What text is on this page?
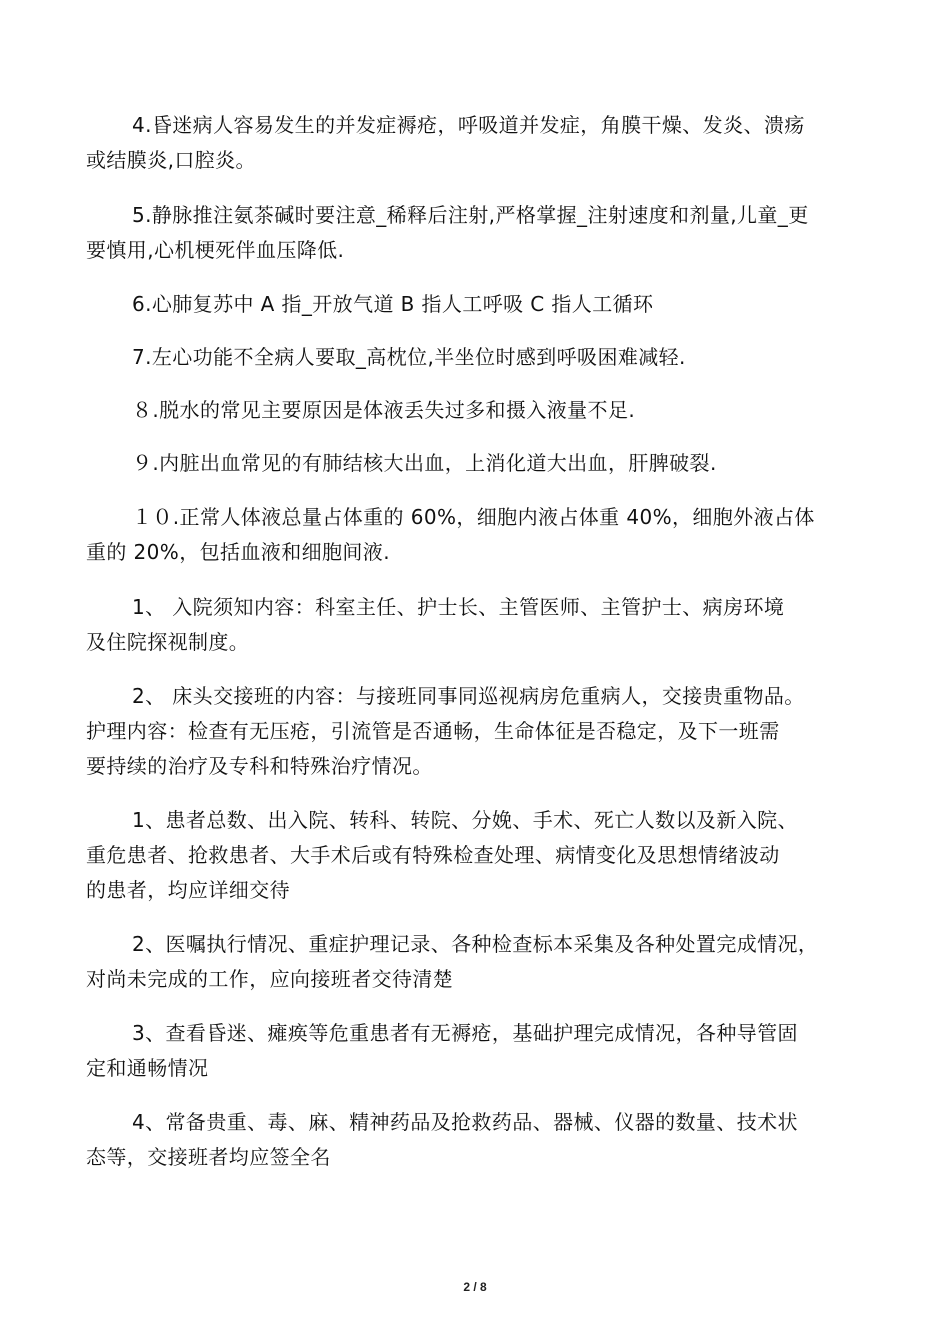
4.昏迷病人容易发生的并发症褥疮，呼吸道并发症，角膜干燥、发炎、溃疡
或结膜炎,口腔炎。
5.静脉推注氨茶碱时要注意_稀释后注射,严格掌握_注射速度和剂量,儿童_更
要慎用,心机梗死伴血压降低.
6.心肺复苏中 A 指_开放气道 B 指人工呼吸 C 指人工循环
7.左心功能不全病人要取_高枕位,半坐位时感到呼吸困难减轻.
８.脱水的常见主要原因是体液丢失过多和摄入液量不足.
９.内脏出血常见的有肺结核大出血，上消化道大出血，肝脾破裂.
１０.正常人体液总量占体重的 60%，细胞内液占体重 40%，细胞外液占体
重的 20%，包括血液和细胞间液.
1、 入院须知内容：科室主任、护士长、主管医师、主管护士、病房环境
及住院探视制度。
2、 床头交接班的内容：与接班同事同巡视病房危重病人，交接贵重物品。
护理内容：检查有无压疮，引流管是否通畅，生命体征是否稳定，及下一班需
要持续的治疗及专科和特殊治疗情况。
1、患者总数、出入院、转科、转院、分娩、手术、死亡人数以及新入院、
重危患者、抢救患者、大手术后或有特殊检查处理、病情变化及思想情绪波动
的患者，均应详细交待
2、医嘱执行情况、重症护理记录、各种检查标本采集及各种处置完成情况，
对尚未完成的工作，应向接班者交待清楚
3、查看昏迷、瘫痪等危重患者有无褥疮，基础护理完成情况，各种导管固
定和通畅情况
4、常备贵重、毒、麻、精神药品及抢救药品、器械、仪器的数量、技术状
态等，交接班者均应签全名
2 / 8
